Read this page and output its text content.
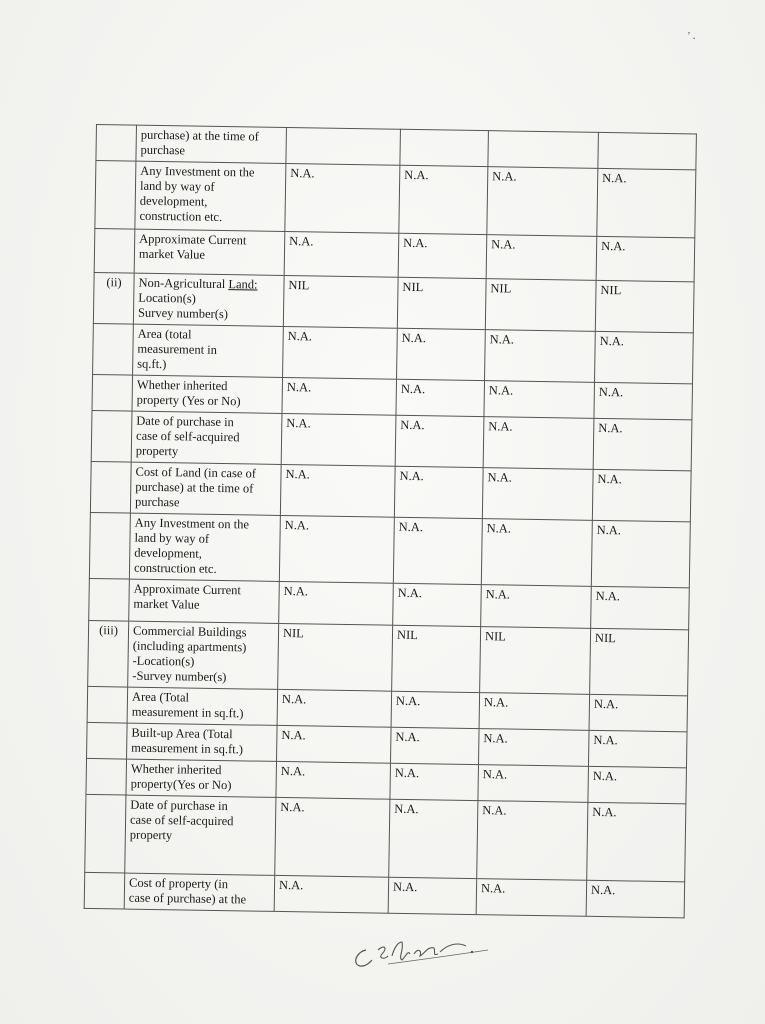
' .

	purchase) at the time of
purchase				

	Any Investment on the
land by way of
development,
construction etc.	N.A.	N.A.	N.A.	N.A.

	Approximate Current
market Value	N.A.	N.A.	N.A.	N.A.
(ii)	Non-Agricultural Land:
Location(s)
Survey number(s)	NIL	NIL	NIL	NIL

	Area (total
measurement in
sq.ft.)	N.A.	N.A.	N.A.	N.A.

	Whether inherited
property (Yes or No)	N.A.	N.A.	N.A.	N.A.

	Date of purchase in
case of self-acquired
property	N.A.	N.A.	N.A.	N.A.

	Cost of Land (in case of
purchase) at the time of
purchase	N.A.	N.A.	N.A.	N.A.

	Any Investment on the
land by way of
development,
construction etc.	N.A.	N.A.	N.A.	N.A.

	Approximate Current
market Value	N.A.	N.A.	N.A.	N.A.
(iii)	Commercial Buildings
(including apartments)
-Location(s)
-Survey number(s)	NIL	NIL	NIL	NIL

	Area (Total
measurement in sq.ft.)	N.A.	N.A.	N.A.	N.A.

	Built-up Area (Total
measurement in sq.ft.)	N.A.	N.A.	N.A.	N.A.

	Whether inherited
property(Yes or No)	N.A.	N.A.	N.A.	N.A.

	Date of purchase in
case of self-acquired
property	N.A.	N.A.	N.A.	N.A.

	Cost of property (in
case of purchase) at the	N.A.	N.A.	N.A.	N.A.
